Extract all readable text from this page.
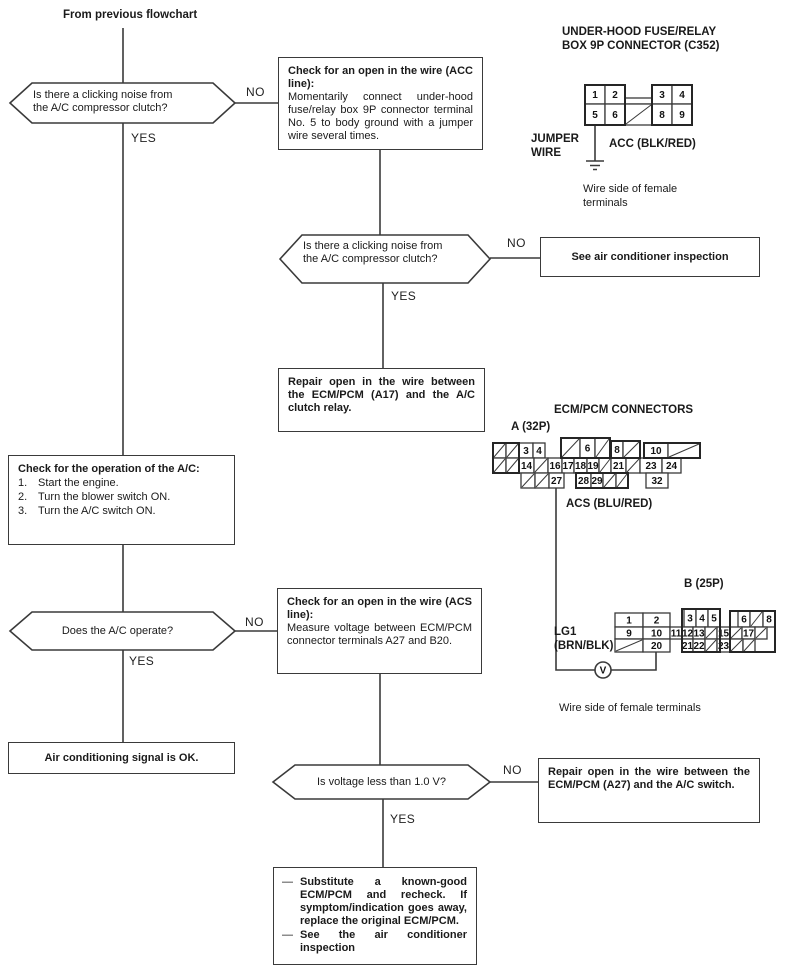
V
From previous flowchart
Is there a clicking noise from
the A/C compressor clutch?
NO
YES
Check for an open in the wire (ACC line):
Momentarily connect under-hood fuse/relay box 9P connector terminal No. 5 to body ground with a jumper wire several times.
UNDER-HOOD FUSE/RELAY
BOX 9P CONNECTOR (C352)
1 2	3 4
5 6	8 9
JUMPER
WIRE
ACC (BLK/RED)
Wire side of female
terminals
Is there a clicking noise from
the A/C compressor clutch?
NO
YES
See air conditioner inspection
Repair open in the wire between the ECM/PCM (A17) and the A/C clutch relay.	ECM/PCM CONNECTORS
A (32P)
3 4	6 8	10
14 16 17 18 19 21 23 24
27 28 29	32
ACS (BLU/RED)
Check for the operation of the A/C:
1. Start the engine.
2. Turn the blower switch ON.
3. Turn the A/C switch ON.
Does the A/C operate?
NO
YES
Check for an open in the wire (ACS line):
Measure voltage between ECM/PCM connector terminals A27 and B20.
B (25P)
1 2	3 4 5 6 8
9 10 11 12 13 15 17
20 21 22 23
LG1
(BRN/BLK)
Wire side of female terminals
Air conditioning signal is OK.
Is voltage less than 1.0 V?
NO
YES
Repair open in the wire between the ECM/PCM (A27) and the A/C switch.
— Substitute a known-good ECM/PCM and recheck. If symptom/indication goes away, replace the original ECM/PCM.
— See the air conditioner inspection
